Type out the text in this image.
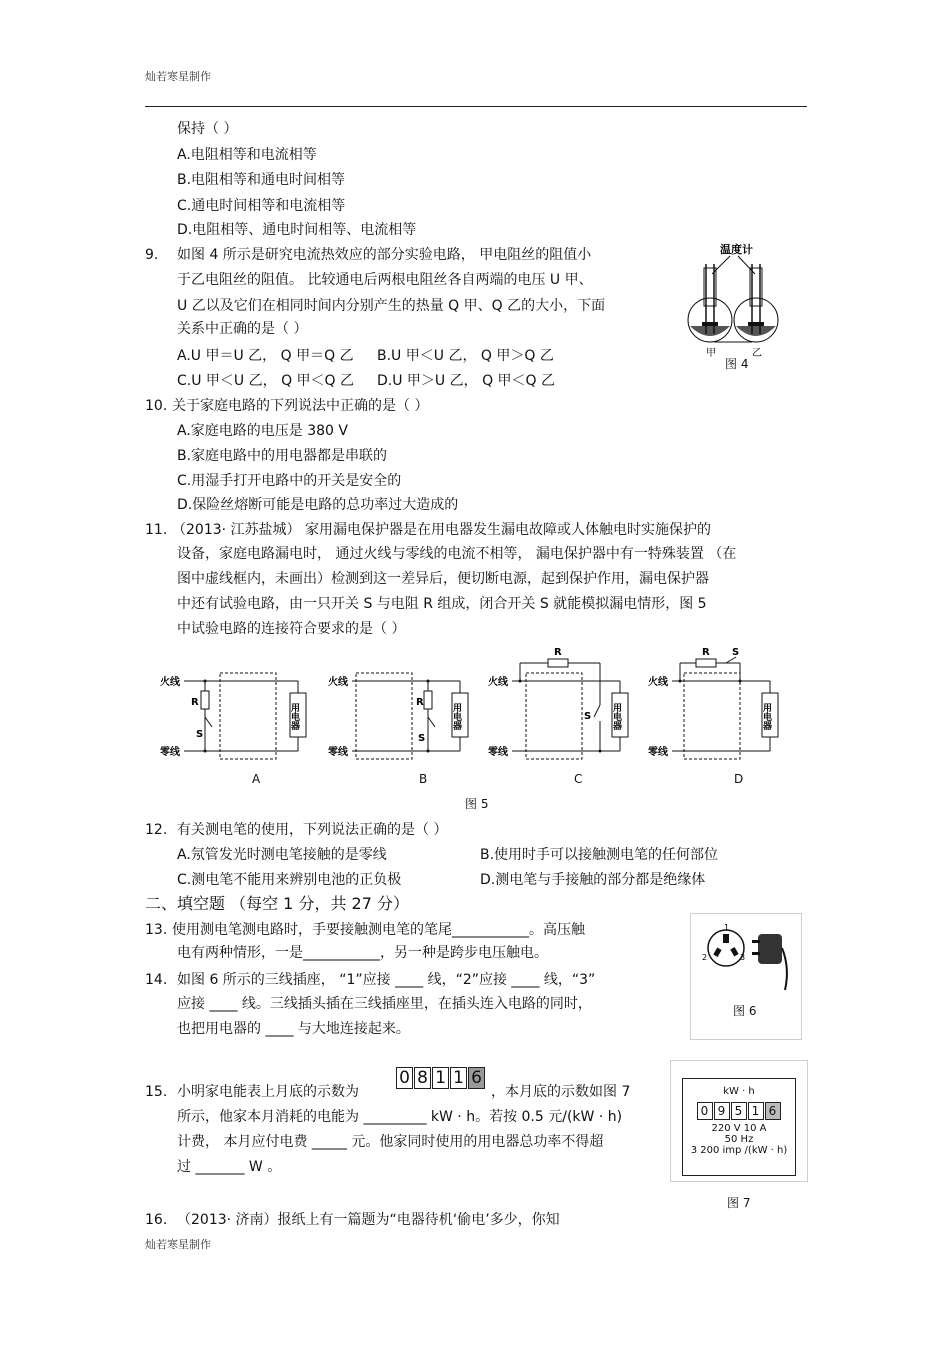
灿若寒星制作
保持（ ）
A.电阻相等和电流相等
B.电阻相等和通电时间相等
C.通电时间相等和电流相等
D.电阻相等、通电时间相等、电流相等
9. 如图 4 所示是研究电流热效应的部分实验电路， 甲电阻丝的阻值小
于乙电阻丝的阻值。 比较通电后两根电阻丝各自两端的电压 U 甲、
U 乙以及它们在相同时间内分别产生的热量 Q 甲、Q 乙的大小，下面
关系中正确的是（ ）
A.U 甲＝U 乙， Q 甲＝Q 乙 B.U 甲＜U 乙， Q 甲＞Q 乙
C.U 甲＜U 乙， Q 甲＜Q 乙 D.U 甲＞U 乙， Q 甲＜Q 乙
温度计
甲	乙
图 4
10. 关于家庭电路的下列说法中正确的是（ ）
A.家庭电路的电压是 380 V
B.家庭电路中的用电器都是串联的
C.用湿手打开电路中的开关是安全的
D.保险丝熔断可能是电路的总功率过大造成的
11. （2013· 江苏盐城） 家用漏电保护器是在用电器发生漏电故障或人体触电时实施保护的
设备，家庭电路漏电时， 通过火线与零线的电流不相等， 漏电保护器中有一特殊装置 （在
图中虚线框内，未画出）检测到这一差异后，便切断电源，起到保护作用，漏电保护器
中还有试验电路，由一只开关 S 与电阻 R 组成，闭合开关 S 就能模拟漏电情形，图 5
中试验电路的连接符合要求的是（ ）
火线
零线
R
S
用电器
火线
零线
R
S
用电器
火线
零线
R
S 用电器
火线
零线
R S
用电器
A	B	C	D
图 5
12. 有关测电笔的使用，下列说法正确的是（ ）
A.氖管发光时测电笔接触的是零线	B.使用时手可以接触测电笔的任何部位
C.测电笔不能用来辨别电池的正负极	D.测电笔与手接触的部分都是绝缘体
二、填空题 （每空 1 分，共 27 分）
13. 使用测电笔测电路时，手要接触测电笔的笔尾___________。高压触
电有两种情形，一是___________，另一种是跨步电压触电。
14. 如图 6 所示的三线插座， “1”应接 ____ 线，“2”应接 ____ 线，“3”
应接 ____ 线。三线插头插在三线插座里，在插头连入电路的同时，
也把用电器的 ____ 与大地连接起来。
2	3
1
图 6
15. 小明家电能表上月底的示数为
0 8 1 1 6
，本月底的示数如图 7
所示，他家本月消耗的电能为 _________ kW · h。若按 0.5 元/(kW · h)
计费， 本月应付电费 _____ 元。他家同时使用的用电器总功率不得超
过 _______ W 。
kW · h
0 9 5 1 6
220 V 10 A
50 Hz
3 200 imp /(kW · h)
图 7
16. （2013· 济南）报纸上有一篇题为“电器待机‘偷电’多少，你知
灿若寒星制作
